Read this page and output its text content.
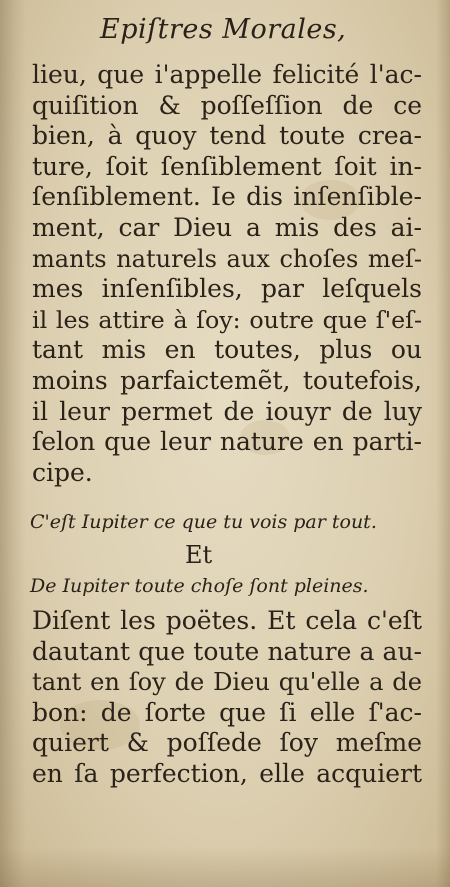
Epiſtres Morales,
lieu, que i'appelle felicité l'ac-
quiſition & poſſeſſion de ce
bien, à quoy tend toute crea-
ture, ſoit ſenſiblement ſoit in-
ſenſiblement. Ie dis inſenſible-
ment, car Dieu a mis des ai-
mants naturels aux choſes meſ-
mes inſenſibles, par leſquels
il les attire à ſoy: outre que ſ'eſ-
tant mis en toutes, plus ou
moins parfaictemẽt, toutefois,
il leur permet de iouyr de luy
ſelon que leur nature en parti-
cipe.
C'eſt Iupiter ce que tu vois par tout.
Et
De Iupiter toute choſe ſont pleines.
Diſent les poëtes. Et cela c'eſt
dautant que toute nature a au-
tant en ſoy de Dieu qu'elle a de
bon: de ſorte que ſi elle ſ'ac-
quiert & poſſede ſoy meſme
en ſa perfection, elle acquiert
